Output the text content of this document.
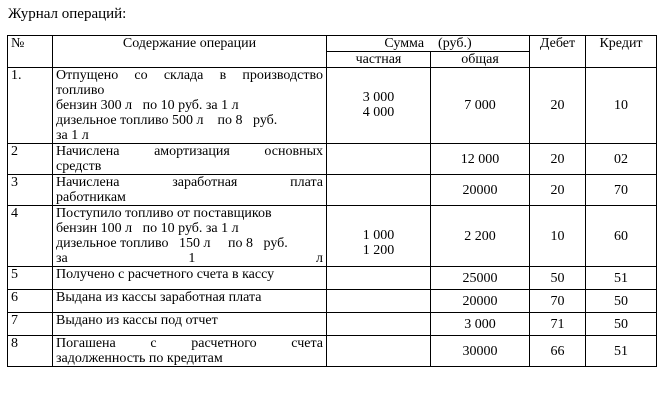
Журнал операций:
№	Содержание операции	Сумма    (руб.)		Дебет	Кредит
		частная	общая		
1.	Отпущено со склада в производство
топливо
бензин 300 л   по 10 руб. за 1 л
дизельное топливо 500 л    по 8   руб.
за 1 л	3 000
4 000	7 000	20	10
2	Начислена амортизация основных
средств		12 000	20	02
3	Начислена заработная плата
работникам		20000	20	70
4	Поступило топливо от поставщиков
бензин 100 л   по 10 руб. за 1 л
дизельное топливо   150 л     по 8   руб.
за 1 л	1 000
1 200	2 200	10	60
5	Получено с расчетного счета в кассу		25000	50	51
6	Выдана из кассы заработная плата		20000	70	50
7	Выдано из кассы под отчет		3 000	71	50
8	Погашена с расчетного счета
задолженность по кредитам		30000	66	51
